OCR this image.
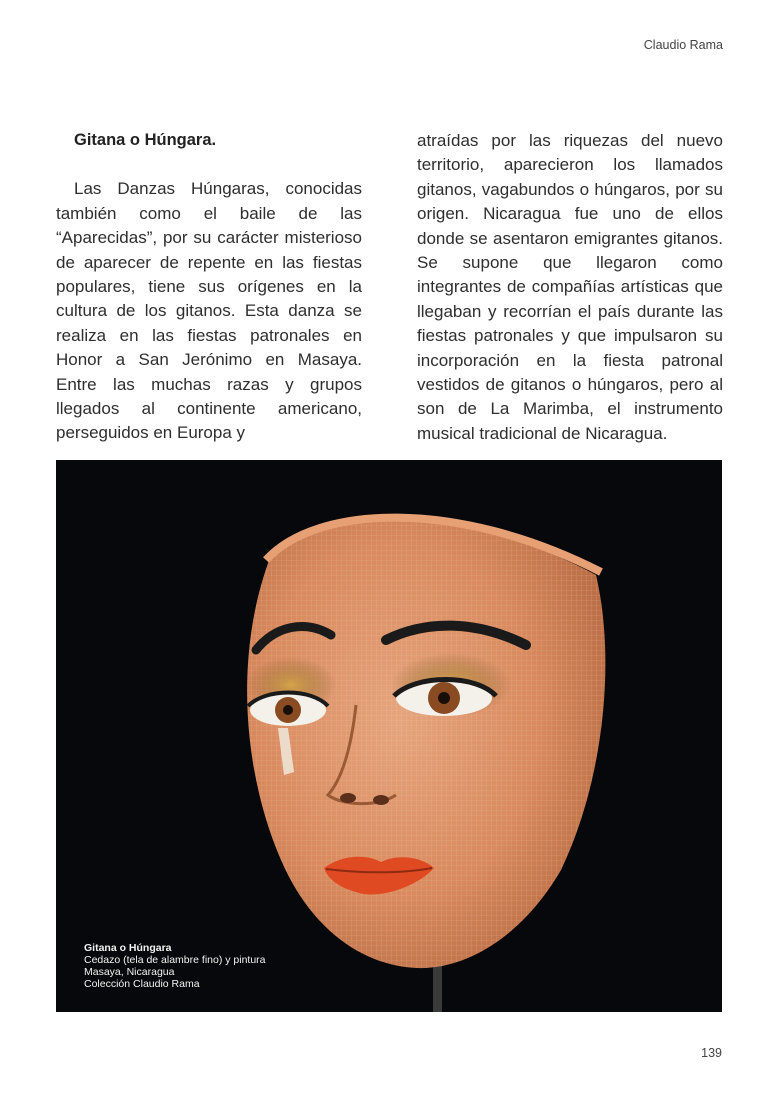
Claudio Rama
Gitana o Húngara.

Las Danzas Húngaras, conocidas también como el baile de las “Aparecidas”, por su carácter misterioso de aparecer de repente en las fiestas populares, tiene sus orígenes en la cultura de los gitanos. Esta danza se realiza en las fiestas patronales en Honor a San Jerónimo en Masaya. Entre las muchas razas y grupos llegados al continente americano, perseguidos en Europa y

atraídas por las riquezas del nuevo territorio, aparecieron los llamados gitanos, vagabundos o húngaros, por su origen. Nicaragua fue uno de ellos donde se asentaron emigrantes gitanos. Se supone que llegaron como integrantes de compañías artísticas que llegaban y recorrían el país durante las fiestas patronales y que impulsaron su incorporación en la fiesta patronal vestidos de gitanos o húngaros, pero al son de La Marimba, el instrumento musical tradicional de Nicaragua.

Gitana o Húngara
Cedazo (tela de alambre fino) y pintura
Masaya, Nicaragua
Colección Claudio Rama
139
